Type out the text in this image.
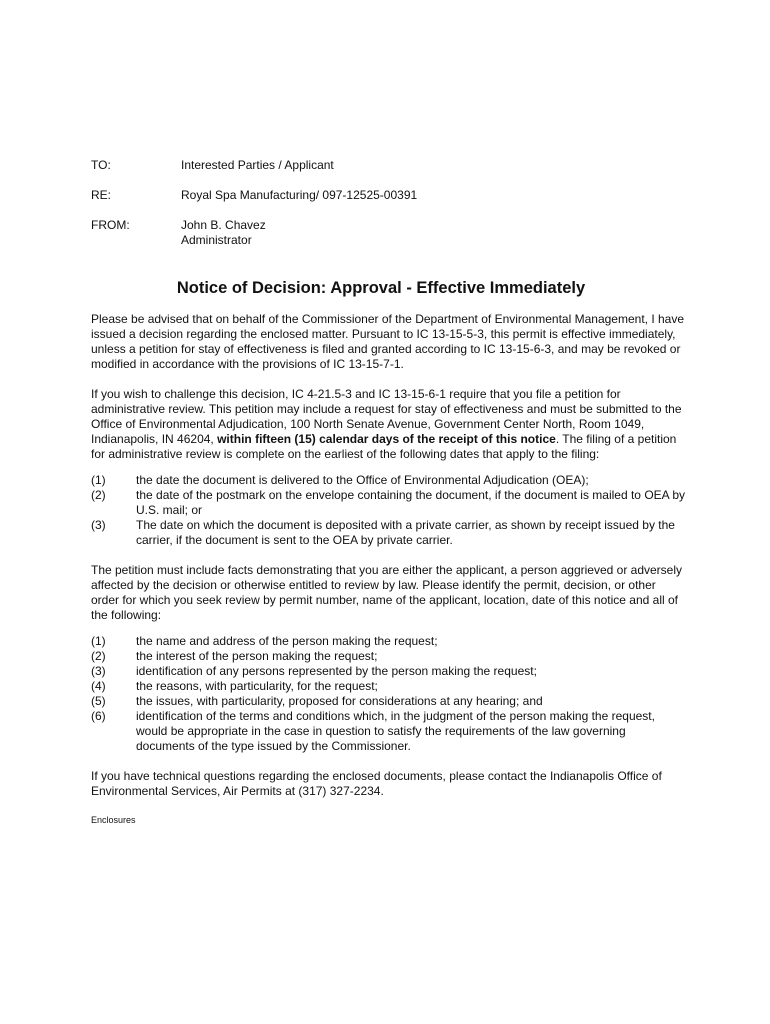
TO:	Interested Parties / Applicant
RE:	Royal Spa Manufacturing/ 097-12525-00391
FROM:	John B. Chavez
Administrator
Notice of Decision: Approval - Effective Immediately

Please be advised that on behalf of the Commissioner of the Department of Environmental Management, I have issued a decision regarding the enclosed matter. Pursuant to IC 13-15-5-3, this permit is effective immediately, unless a petition for stay of effectiveness is filed and granted according to IC 13-15-6-3, and may be revoked or modified in accordance with the provisions of IC 13-15-7-1.

If you wish to challenge this decision, IC 4-21.5-3 and IC 13-15-6-1 require that you file a petition for administrative review. This petition may include a request for stay of effectiveness and must be submitted to the Office of Environmental Adjudication, 100 North Senate Avenue, Government Center North, Room 1049, Indianapolis, IN 46204, within fifteen (15) calendar days of the receipt of this notice. The filing of a petition for administrative review is complete on the earliest of the following dates that apply to the filing:

(1)	the date the document is delivered to the Office of Environmental Adjudication (OEA);
(2)	the date of the postmark on the envelope containing the document, if the document is mailed to OEA by U.S. mail; or
(3)	The date on which the document is deposited with a private carrier, as shown by receipt issued by the carrier, if the document is sent to the OEA by private carrier.

The petition must include facts demonstrating that you are either the applicant, a person aggrieved or adversely affected by the decision or otherwise entitled to review by law. Please identify the permit, decision, or other order for which you seek review by permit number, name of the applicant, location, date of this notice and all of the following:

(1)	the name and address of the person making the request;
(2)	the interest of the person making the request;
(3)	identification of any persons represented by the person making the request;
(4)	the reasons, with particularity, for the request;
(5)	the issues, with particularity, proposed for considerations at any hearing; and
(6)	identification of the terms and conditions which, in the judgment of the person making the request, would be appropriate in the case in question to satisfy the requirements of the law governing documents of the type issued by the Commissioner.

If you have technical questions regarding the enclosed documents, please contact the Indianapolis Office of Environmental Services, Air Permits at (317) 327-2234.

Enclosures
